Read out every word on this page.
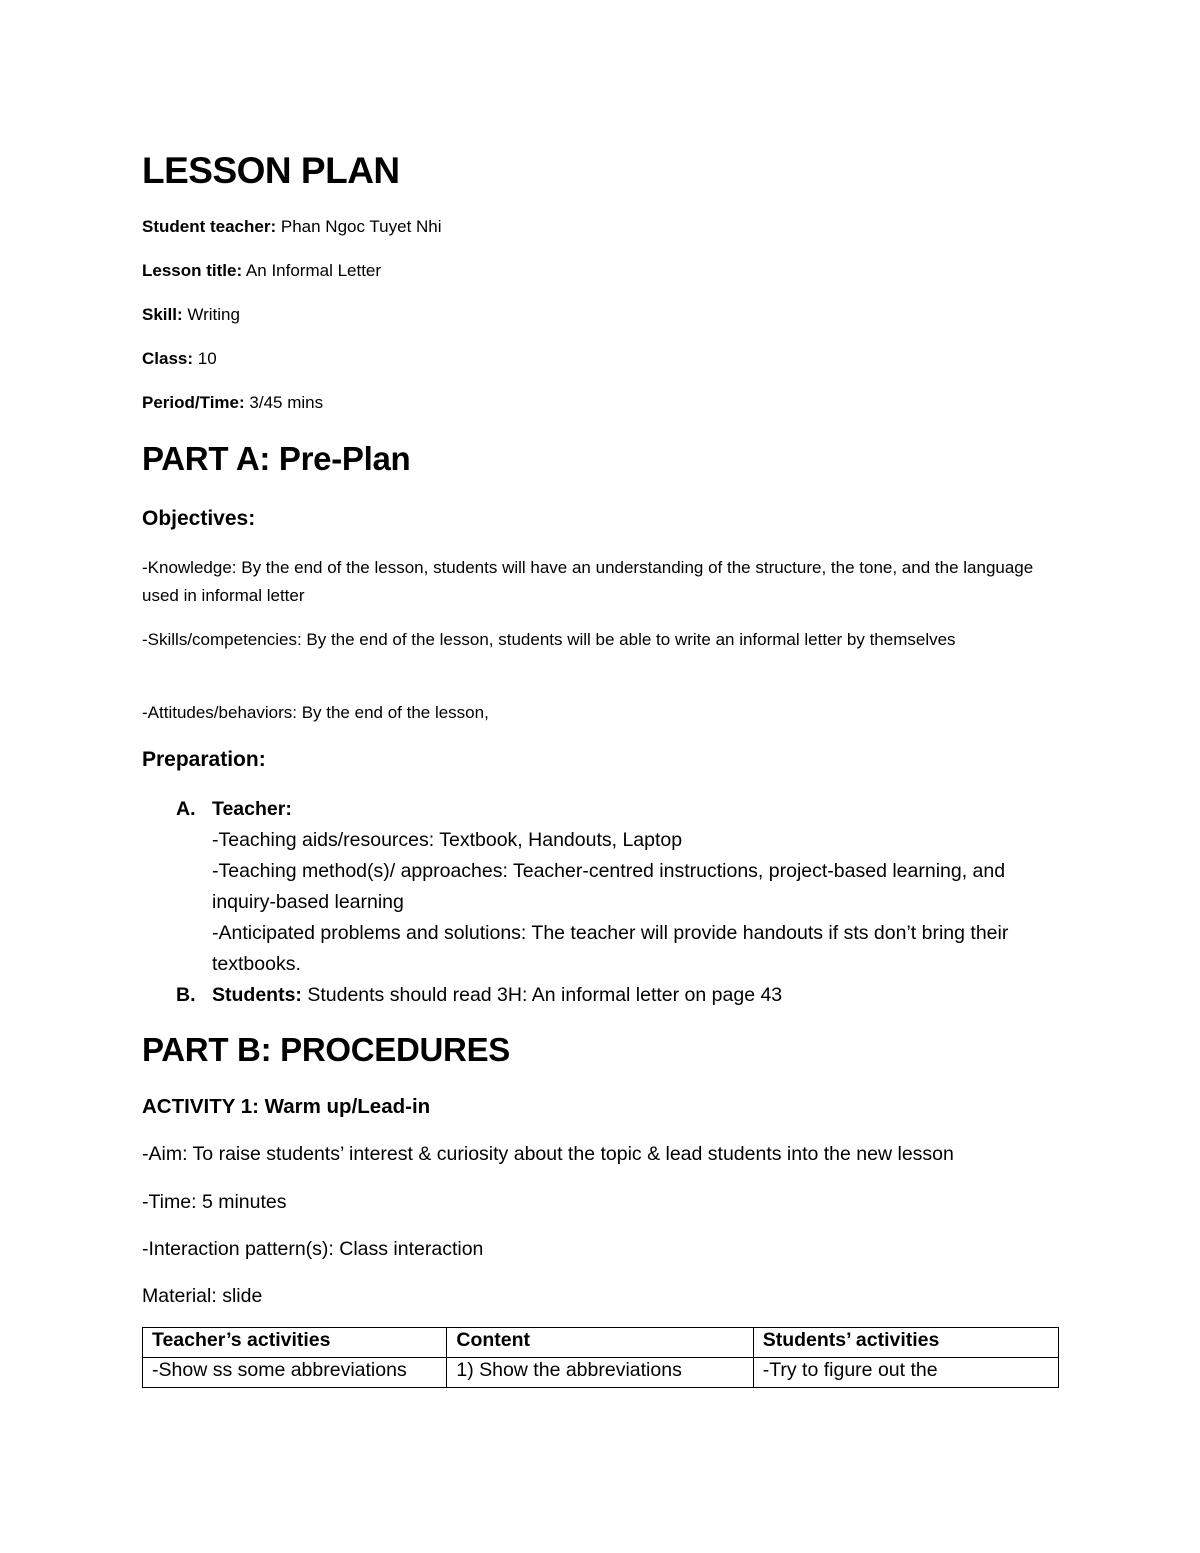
LESSON PLAN
Student teacher: Phan Ngoc Tuyet Nhi
Lesson title: An Informal Letter
Skill: Writing
Class: 10
Period/Time: 3/45 mins
PART A: Pre-Plan
Objectives:
-Knowledge: By the end of the lesson, students will have an understanding of the structure, the tone, and the language used in informal letter
-Skills/competencies: By the end of the lesson, students will be able to write an informal letter by themselves
-Attitudes/behaviors: By the end of the lesson,
Preparation:
A. Teacher:
-Teaching aids/resources: Textbook, Handouts, Laptop
-Teaching method(s)/ approaches: Teacher-centred instructions, project-based learning, and inquiry-based learning
-Anticipated problems and solutions: The teacher will provide handouts if sts don’t bring their textbooks.
B. Students: Students should read 3H: An informal letter on page 43
PART B: PROCEDURES
ACTIVITY 1: Warm up/Lead-in
-Aim: To raise students’ interest & curiosity about the topic & lead students into the new lesson
-Time: 5 minutes
-Interaction pattern(s): Class interaction
Material: slide
Teacher’s activities	Content	Students’ activities
-Show ss some abbreviations	1) Show the abbreviations	-Try to figure out the
